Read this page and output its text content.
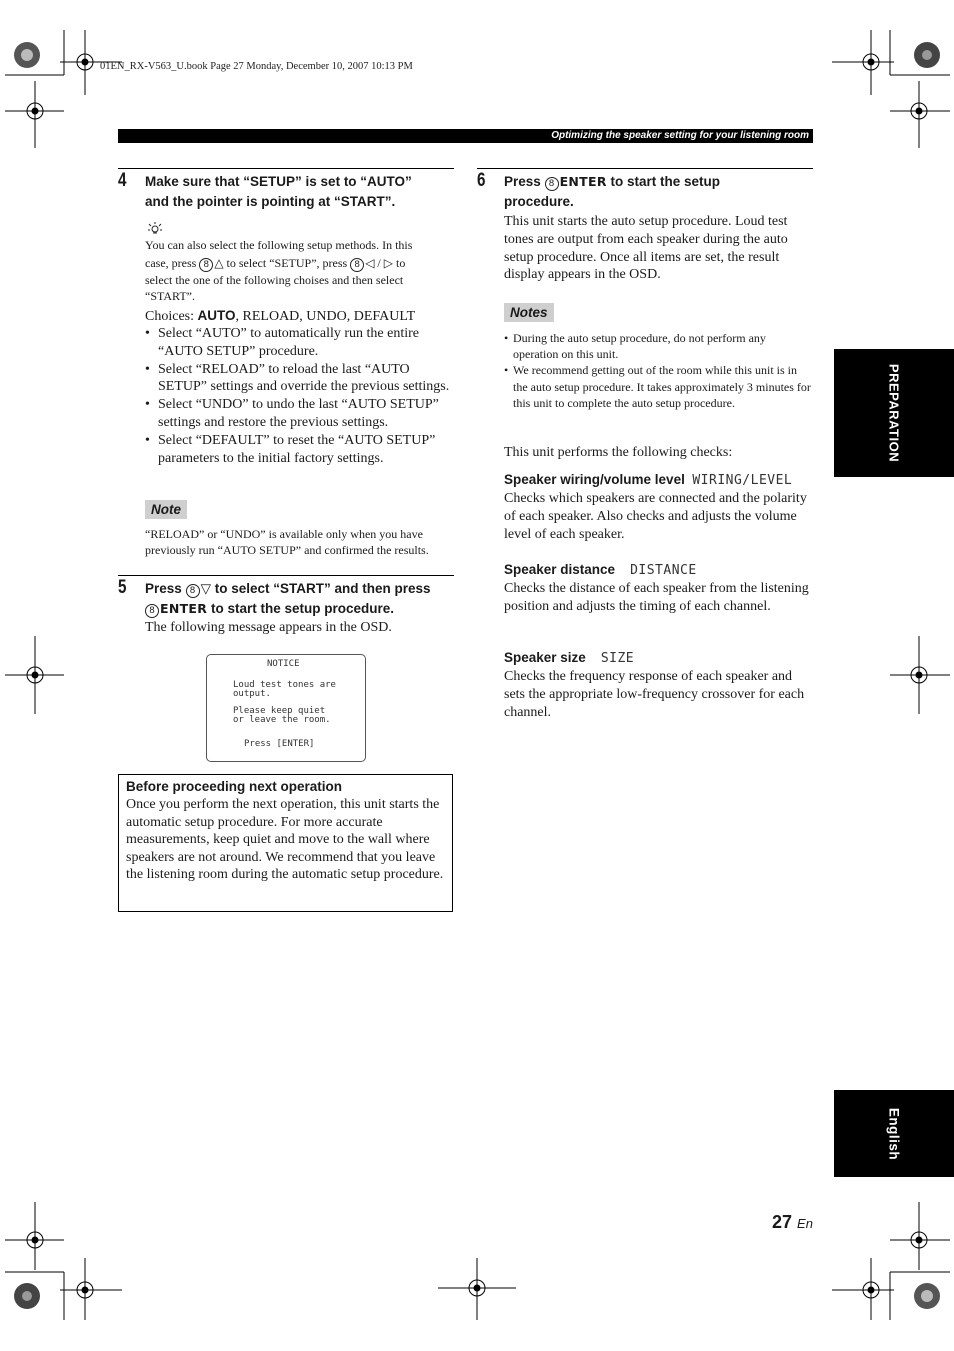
01EN_RX-V563_U.book Page 27 Monday, December 10, 2007 10:13 PM
Optimizing the speaker setting for your listening room
4 Make sure that “SETUP” is set to “AUTO”
and the pointer is pointing at “START”.
You can also select the following setup methods. In this
case, press 8 △ to select “SETUP”, press 8 ◁ / ▷ to
select the one of the following choises and then select
“START”.
Choices: AUTO, RELOAD, UNDO, DEFAULT
• Select “AUTO” to automatically run the entire “AUTO SETUP” procedure.
• Select “RELOAD” to reload the last “AUTO SETUP” settings and override the previous settings.
• Select “UNDO” to undo the last “AUTO SETUP” settings and restore the previous settings.
• Select “DEFAULT” to reset the “AUTO SETUP” parameters to the initial factory settings.
Note
“RELOAD” or “UNDO” is available only when you have previously run “AUTO SETUP” and confirmed the results.
5 Press 8 ▽ to select “START” and then press
8 ENTER to start the setup procedure.
The following message appears in the OSD.
NOTICE
Loud test tones are
output.
Please keep quiet
or leave the room.
Press [ENTER]
Before proceeding next operation
Once you perform the next operation, this unit starts the automatic setup procedure. For more accurate measurements, keep quiet and move to the wall where speakers are not around. We recommend that you leave the listening room during the automatic setup procedure.
6 Press 8 ENTER to start the setup
procedure.
This unit starts the auto setup procedure. Loud test tones are output from each speaker during the auto setup procedure. Once all items are set, the result display appears in the OSD.
Notes
• During the auto setup procedure, do not perform any operation on this unit.
• We recommend getting out of the room while this unit is in the auto setup procedure. It takes approximately 3 minutes for this unit to complete the auto setup procedure.
This unit performs the following checks:
Speaker wiring/volume level WIRING/LEVEL
Checks which speakers are connected and the polarity of each speaker. Also checks and adjusts the volume level of each speaker.
Speaker distance DISTANCE
Checks the distance of each speaker from the listening position and adjusts the timing of each channel.
Speaker size SIZE
Checks the frequency response of each speaker and sets the appropriate low-frequency crossover for each channel.
PREPARATION
English
27 En
